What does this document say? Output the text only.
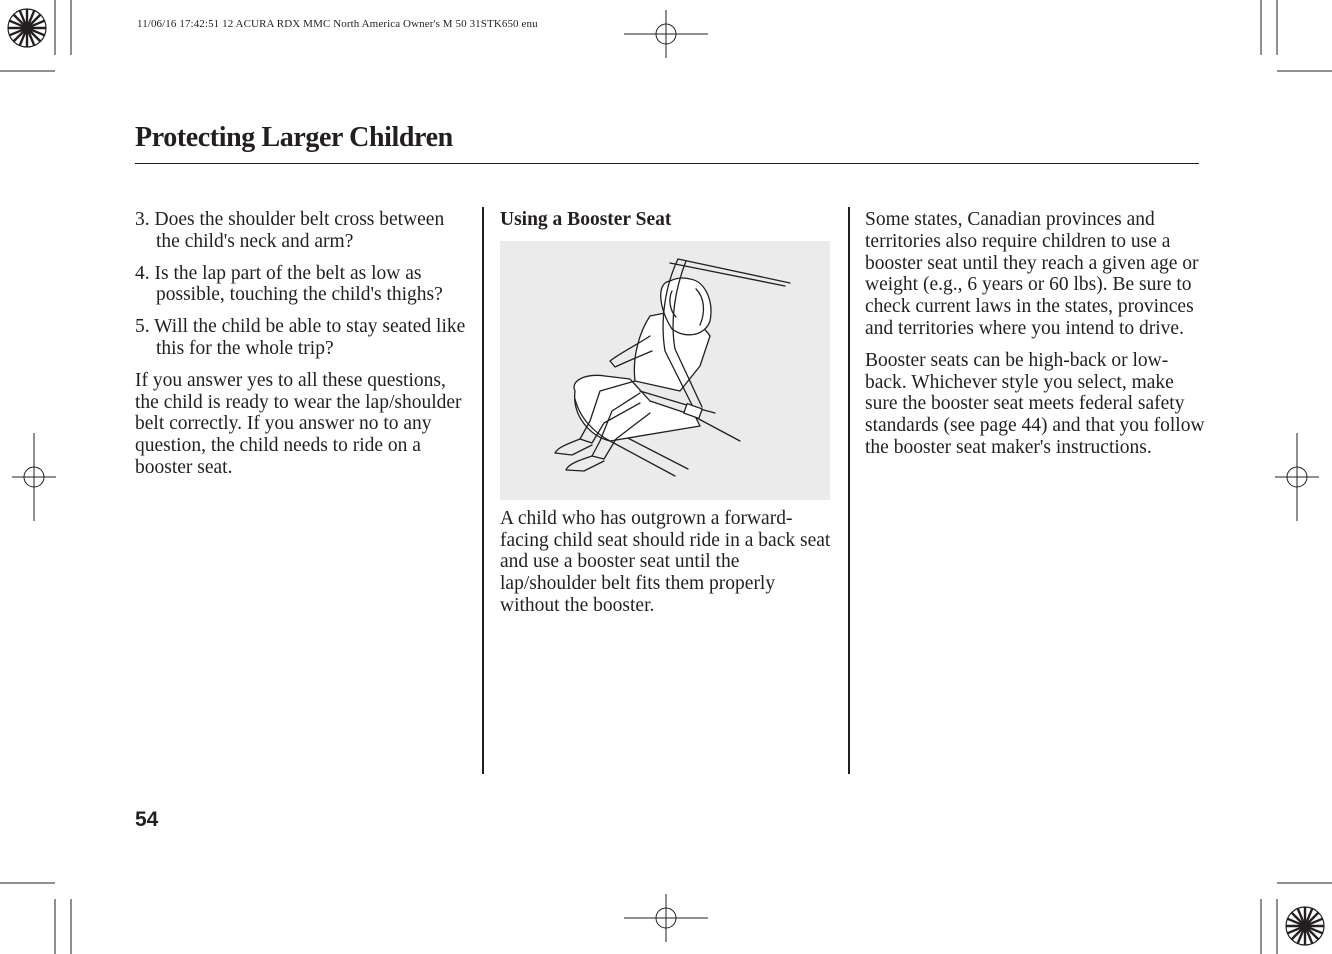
11/06/16 17:42:51 12 ACURA RDX MMC North America Owner's M 50 31STK650 enu
Protecting Larger Children

3. Does the shoulder belt cross between the child's neck and arm?

4. Is the lap part of the belt as low as possible, touching the child's thighs?

5. Will the child be able to stay seated like this for the whole trip?

If you answer yes to all these questions, the child is ready to wear the lap/shoulder belt correctly. If you answer no to any question, the child needs to ride on a booster seat.

Using a Booster Seat

A child who has outgrown a forward-facing child seat should ride in a back seat and use a booster seat until the lap/shoulder belt fits them properly without the booster.

Some states, Canadian provinces and territories also require children to use a booster seat until they reach a given age or weight (e.g., 6 years or 60 lbs). Be sure to check current laws in the states, provinces and territories where you intend to drive.

Booster seats can be high-back or low-back. Whichever style you select, make sure the booster seat meets federal safety standards (see page 44) and that you follow the booster seat maker's instructions.

54
